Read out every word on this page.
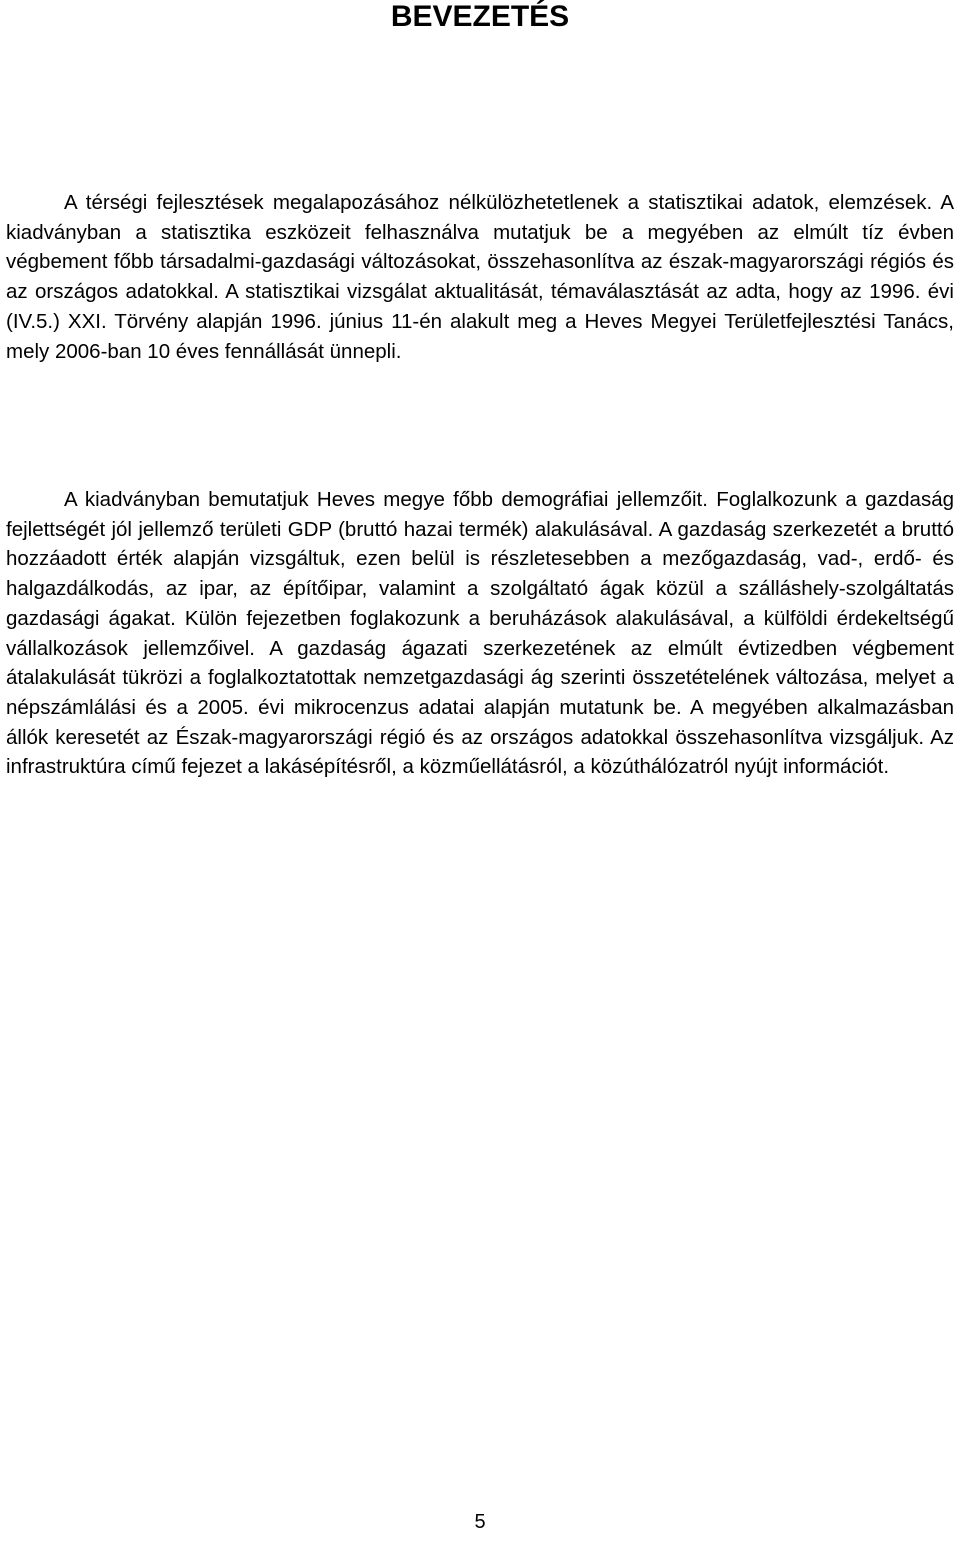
BEVEZETÉS

A térségi fejlesztések megalapozásához nélkülözhetetlenek a statisztikai adatok, elemzések. A kiadványban a statisztika eszközeit felhasználva mutatjuk be a megyében az elmúlt tíz évben végbement főbb társadalmi-gazdasági változásokat, összehasonlítva az észak-magyarországi régiós és az országos adatokkal. A statisztikai vizsgálat aktualitását, témaválasztását az adta, hogy az 1996. évi (IV.5.) XXI. Törvény alapján 1996. június 11-én alakult meg a Heves Megyei Területfejlesztési Tanács, mely 2006-ban 10 éves fennállását ünnepli.

A kiadványban bemutatjuk Heves megye főbb demográfiai jellemzőit. Foglalkozunk a gazdaság fejlettségét jól jellemző területi GDP (bruttó hazai termék) alakulásával. A gazdaság szerkezetét a bruttó hozzáadott érték alapján vizsgáltuk, ezen belül is részletesebben a mezőgazdaság, vad-, erdő- és halgazdálkodás, az ipar, az építőipar, valamint a szolgáltató ágak közül a szálláshely-szolgáltatás gazdasági ágakat. Külön fejezetben foglakozunk a beruházások alakulásával, a külföldi érdekeltségű vállalkozások jellemzőivel. A gazdaság ágazati szerkezetének az elmúlt évtizedben végbement átalakulását tükrözi a foglalkoztatottak nemzetgazdasági ág szerinti összetételének változása, melyet a népszámlálási és a 2005. évi mikrocenzus adatai alapján mutatunk be. A megyében alkalmazásban állók keresetét az Észak-magyarországi régió és az országos adatokkal összehasonlítva vizsgáljuk. Az infrastruktúra című fejezet a lakásépítésről, a közműellátásról, a közúthálózatról nyújt információt.

5
